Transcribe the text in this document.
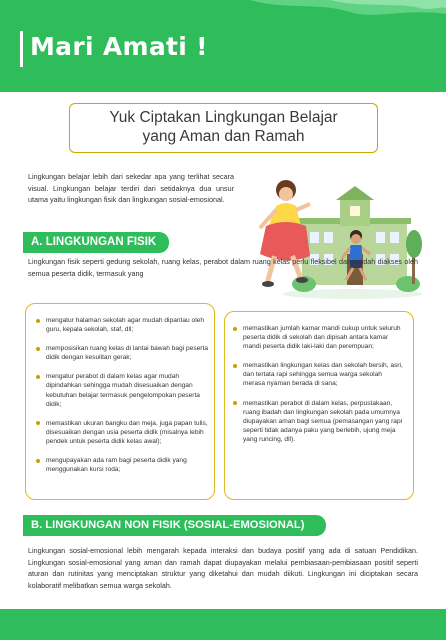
Mari Amati !
Yuk Ciptakan Lingkungan Belajar
yang Aman dan Ramah

Lingkungan belajar lebih dari sekedar apa yang terlihat secara visual. Lingkungan belajar terdiri dari setidaknya dua unsur utama yaitu lingkungan fisik dan lingkungan sosial-emosional.

A. LINGKUNGAN FISIK

Lingkungan fisik seperti gedung sekolah, ruang kelas, perabot dalam ruang kelas perlu fleksibel dan mudah diakses oleh semua peserta didik, termasuk yang

mengatur halaman sekolah agar mudah dipantau oleh guru, kepala sekolah, staf, dll;
memposisikan ruang kelas di lantai bawah bagi peserta didik dengan kesulitan gerak;
mengatur perabot di dalam kelas agar mudah dipindahkan sehingga mudah disesuaikan dengan kebutuhan belajar termasuk pengelompokan peserta didik;
memastikan ukuran bangku dan meja, juga papan tulis, disesuaikan dengan usia peserta didik (misalnya lebih pendek untuk peserta didik kelas awal);
mengupayakan ada ram bagi peserta didik yang menggunakan kursi roda;
memastikan jumlah kamar mandi cukup untuk seluruh peserta didik di sekolah dan dipisah antara kamar mandi peserta didik laki-laki dan perempuan;
memastikan lingkungan kelas dan sekolah bersih, asri, dan tertata rapi sehingga semua warga sekolah merasa nyaman berada di sana;
memastikan perabot di dalam kelas, perpustakaan, ruang ibadah dan lingkungan sekolah pada umumnya diupayakan aman bagi semua (pemasangan yang rapi seperti tidak adanya paku yang berlebih, ujung meja yang runcing, dll).
B. LINGKUNGAN NON FISIK (SOSIAL-EMOSIONAL)

Lingkungan sosial-emosional lebih mengarah kepada interaksi dan budaya positif yang ada di satuan Pendidikan. Lingkungan sosial-emosional yang aman dan ramah dapat diupayakan melalui pembiasaan-pembiasaan positif seperti aturan dan rutinitas yang menciptakan struktur yang diketahui dan mudah diikuti. Lingkungan ini diciptakan secara kolaboratif melibatkan semua warga sekolah.
